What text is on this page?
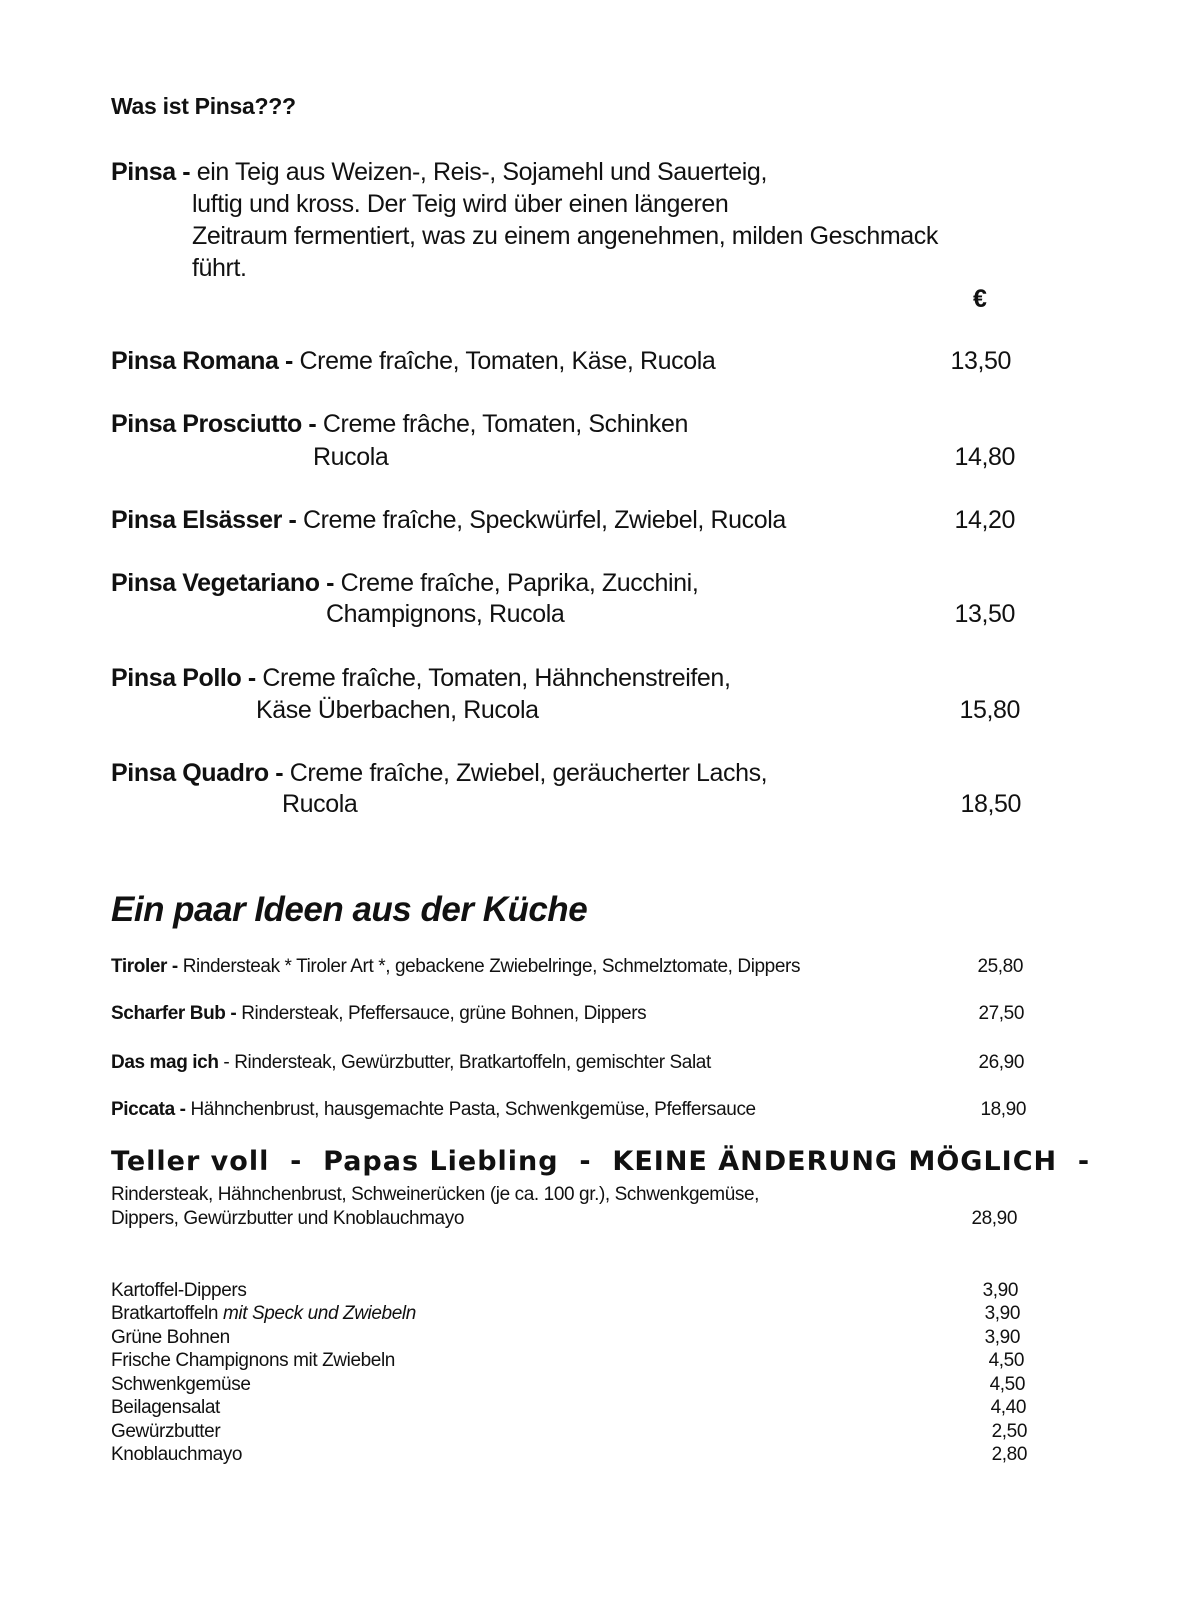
Was ist Pinsa???
Pinsa - ein Teig aus Weizen-, Reis-, Sojamehl und Sauerteig,
luftig und kross. Der Teig wird über einen längeren
Zeitraum fermentiert, was zu einem angenehmen, milden Geschmack
führt.
€
Pinsa Romana - Creme fraîche, Tomaten, Käse, Rucola	13,50
Pinsa Prosciutto - Creme frâche, Tomaten, Schinken
Rucola	14,80
Pinsa Elsässer - Creme fraîche, Speckwürfel, Zwiebel, Rucola	14,20
Pinsa Vegetariano - Creme fraîche, Paprika, Zucchini,
Champignons, Rucola	13,50
Pinsa Pollo - Creme fraîche, Tomaten, Hähnchenstreifen,
Käse Überbachen, Rucola	15,80
Pinsa Quadro - Creme fraîche, Zwiebel, geräucherter Lachs,
Rucola	18,50
Ein paar Ideen aus der Küche
Tiroler - Rindersteak * Tiroler Art *, gebackene Zwiebelringe, Schmelztomate, Dippers	25,80
Scharfer Bub - Rindersteak, Pfeffersauce, grüne Bohnen, Dippers	27,50
Das mag ich - Rindersteak, Gewürzbutter, Bratkartoffeln, gemischter Salat	26,90
Piccata - Hähnchenbrust, hausgemachte Pasta, Schwenkgemüse, Pfeffersauce	18,90
Teller voll  -  Papas Liebling  -  KEINE ÄNDERUNG MÖGLICH  -
Rindersteak, Hähnchenbrust, Schweinerücken (je ca. 100 gr.), Schwenkgemüse,
Dippers, Gewürzbutter und Knoblauchmayo	28,90
Kartoffel-Dippers	3,90
Bratkartoffeln mit Speck und Zwiebeln	3,90
Grüne Bohnen	3,90
Frische Champignons mit Zwiebeln	4,50
Schwenkgemüse	4,50
Beilagensalat	4,40
Gewürzbutter	2,50
Knoblauchmayo	2,80
